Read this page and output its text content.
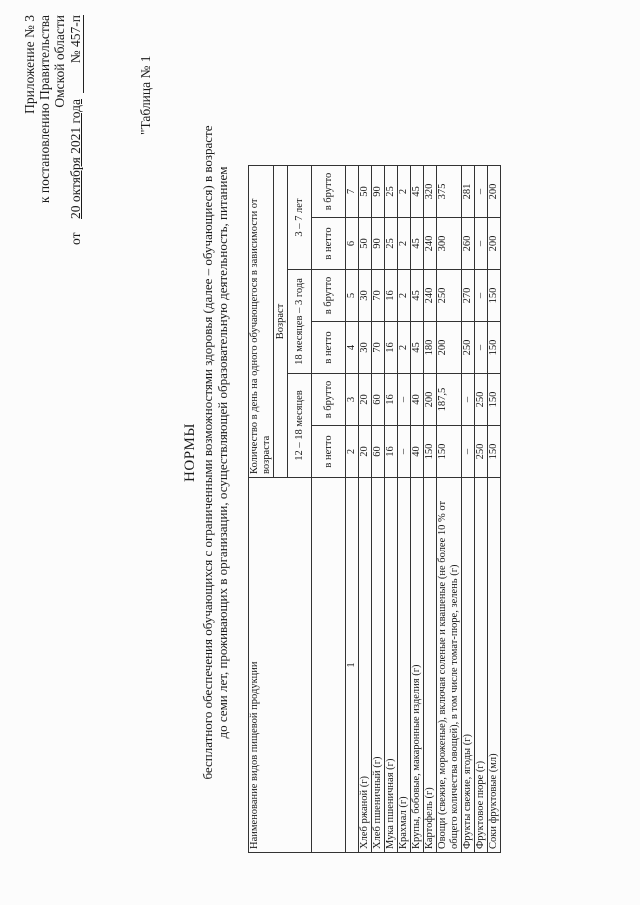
Приложение № 3 к постановлению Правительства Омской области
от
20 октября 2021 года
№ 457-п
"Таблица № 1
НОРМЫ бесплатного обеспечения обучающихся с ограниченными возможностями здоровья (далее – обучающиеся) в возрасте до семи лет, проживающих в организации, осуществляющей образовательную деятельность, питанием
Наименование видов пищевой продукции	Количество в день на одного обучающегося в зависимости от возраста					
	Возраст					
	12 – 18 месяцев		18 месяцев – 3 года		3 – 7 лет	
	в нетто	в брутто	в нетто	в брутто	в нетто	в брутто
1	2	3	4	5	6	7
Хлеб ржаной (г)	20	20	30	30	50	50
Хлеб пшеничный (г)	60	60	70	70	90	90
Мука пшеничная (г)	16	16	16	16	25	25
Крахмал (г)	–	–	2	2	2	2
Крупы, бобовые, макаронные изделия (г)	40	40	45	45	45	45
Картофель (г)	150	200	180	240	240	320
Овощи (свежие, мороженые), включая соленые и квашеные (не более 10 % от общего количества овощей), в том числе томат-пюре, зелень (г)	150	187,5	200	250	300	375
Фрукты свежие, ягоды (г)	–	–	250	270	260	281
Фруктовое пюре (г)	250	250	–	–	–	–
Соки фруктовые (мл)	150	150	150	150	200	200
